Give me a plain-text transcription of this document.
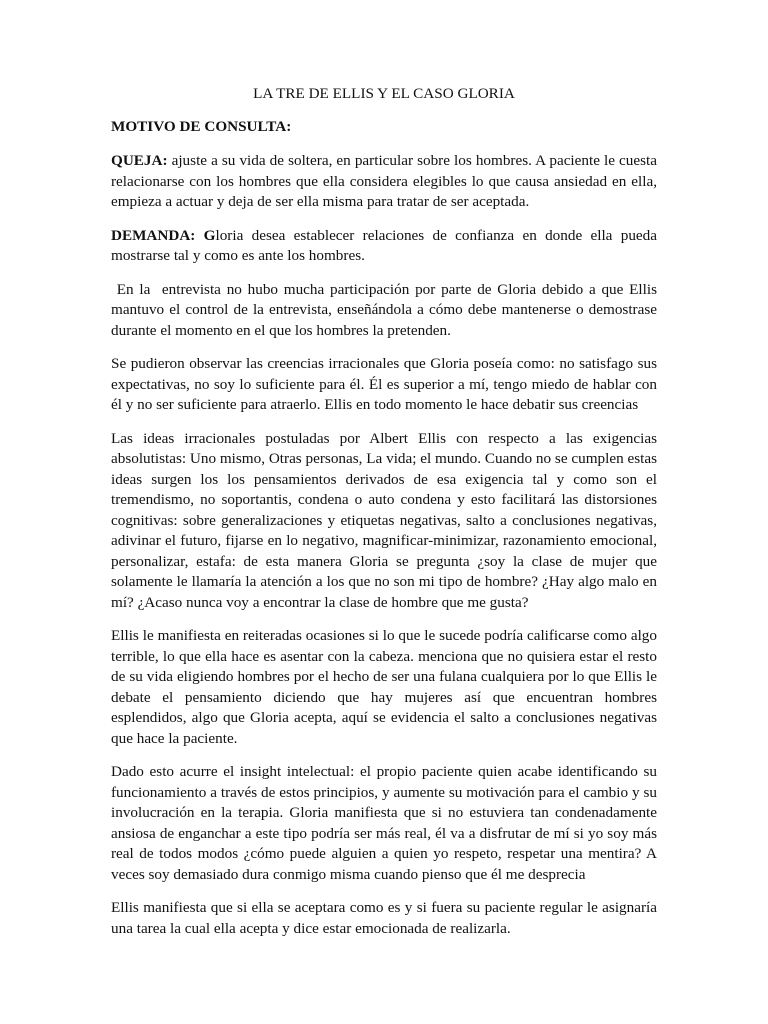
LA TRE DE ELLIS Y EL CASO GLORIA
MOTIVO DE CONSULTA:

QUEJA: ajuste a su vida de soltera, en particular sobre los hombres. A paciente le cuesta relacionarse con los hombres que ella considera elegibles lo que causa ansiedad en ella, empieza a actuar y deja de ser ella misma para tratar de ser aceptada.

DEMANDA: Gloria desea establecer relaciones de confianza en donde ella pueda mostrarse tal y como es ante los hombres.

En la  entrevista no hubo mucha participación por parte de Gloria debido a que Ellis mantuvo el control de la entrevista, enseñándola a cómo debe mantenerse o demostrase durante el momento en el que los hombres la pretenden.

Se pudieron observar las creencias irracionales que Gloria poseía como: no satisfago sus expectativas, no soy lo suficiente para él. Él es superior a mí, tengo miedo de hablar con él y no ser suficiente para atraerlo. Ellis en todo momento le hace debatir sus creencias

Las ideas irracionales postuladas por Albert Ellis con respecto a las exigencias absolutistas: Uno mismo, Otras personas, La vida; el mundo. Cuando no se cumplen estas ideas surgen los los pensamientos derivados de esa exigencia tal y como son el tremendismo, no soportantis, condena o auto condena y esto facilitará las distorsiones cognitivas: sobre generalizaciones y etiquetas negativas, salto a conclusiones negativas, adivinar el futuro, fijarse en lo negativo, magnificar-minimizar, razonamiento emocional, personalizar, estafa: de esta manera Gloria se pregunta ¿soy la clase de mujer que solamente le llamaría la atención a los que no son mi tipo de hombre? ¿Hay algo malo en mí? ¿Acaso nunca voy a encontrar la clase de hombre que me gusta?

Ellis le manifiesta en reiteradas ocasiones si lo que le sucede podría calificarse como algo terrible, lo que ella hace es asentar con la cabeza. menciona que no quisiera estar el resto de su vida eligiendo hombres por el hecho de ser una fulana cualquiera por lo que Ellis le debate el pensamiento diciendo que hay mujeres así que encuentran hombres esplendidos, algo que Gloria acepta, aquí se evidencia el salto a conclusiones negativas que hace la paciente.

Dado esto acurre el insight intelectual: el propio paciente quien acabe identificando su funcionamiento a través de estos principios, y aumente su motivación para el cambio y su involucración en la terapia. Gloria manifiesta que si no estuviera tan condenadamente ansiosa de enganchar a este tipo podría ser más real, él va a disfrutar de mí si yo soy más real de todos modos ¿cómo puede alguien a quien yo respeto, respetar una mentira? A veces soy demasiado dura conmigo misma cuando pienso que él me desprecia

Ellis manifiesta que si ella se aceptara como es y si fuera su paciente regular le asignaría una tarea la cual ella acepta y dice estar emocionada de realizarla.
